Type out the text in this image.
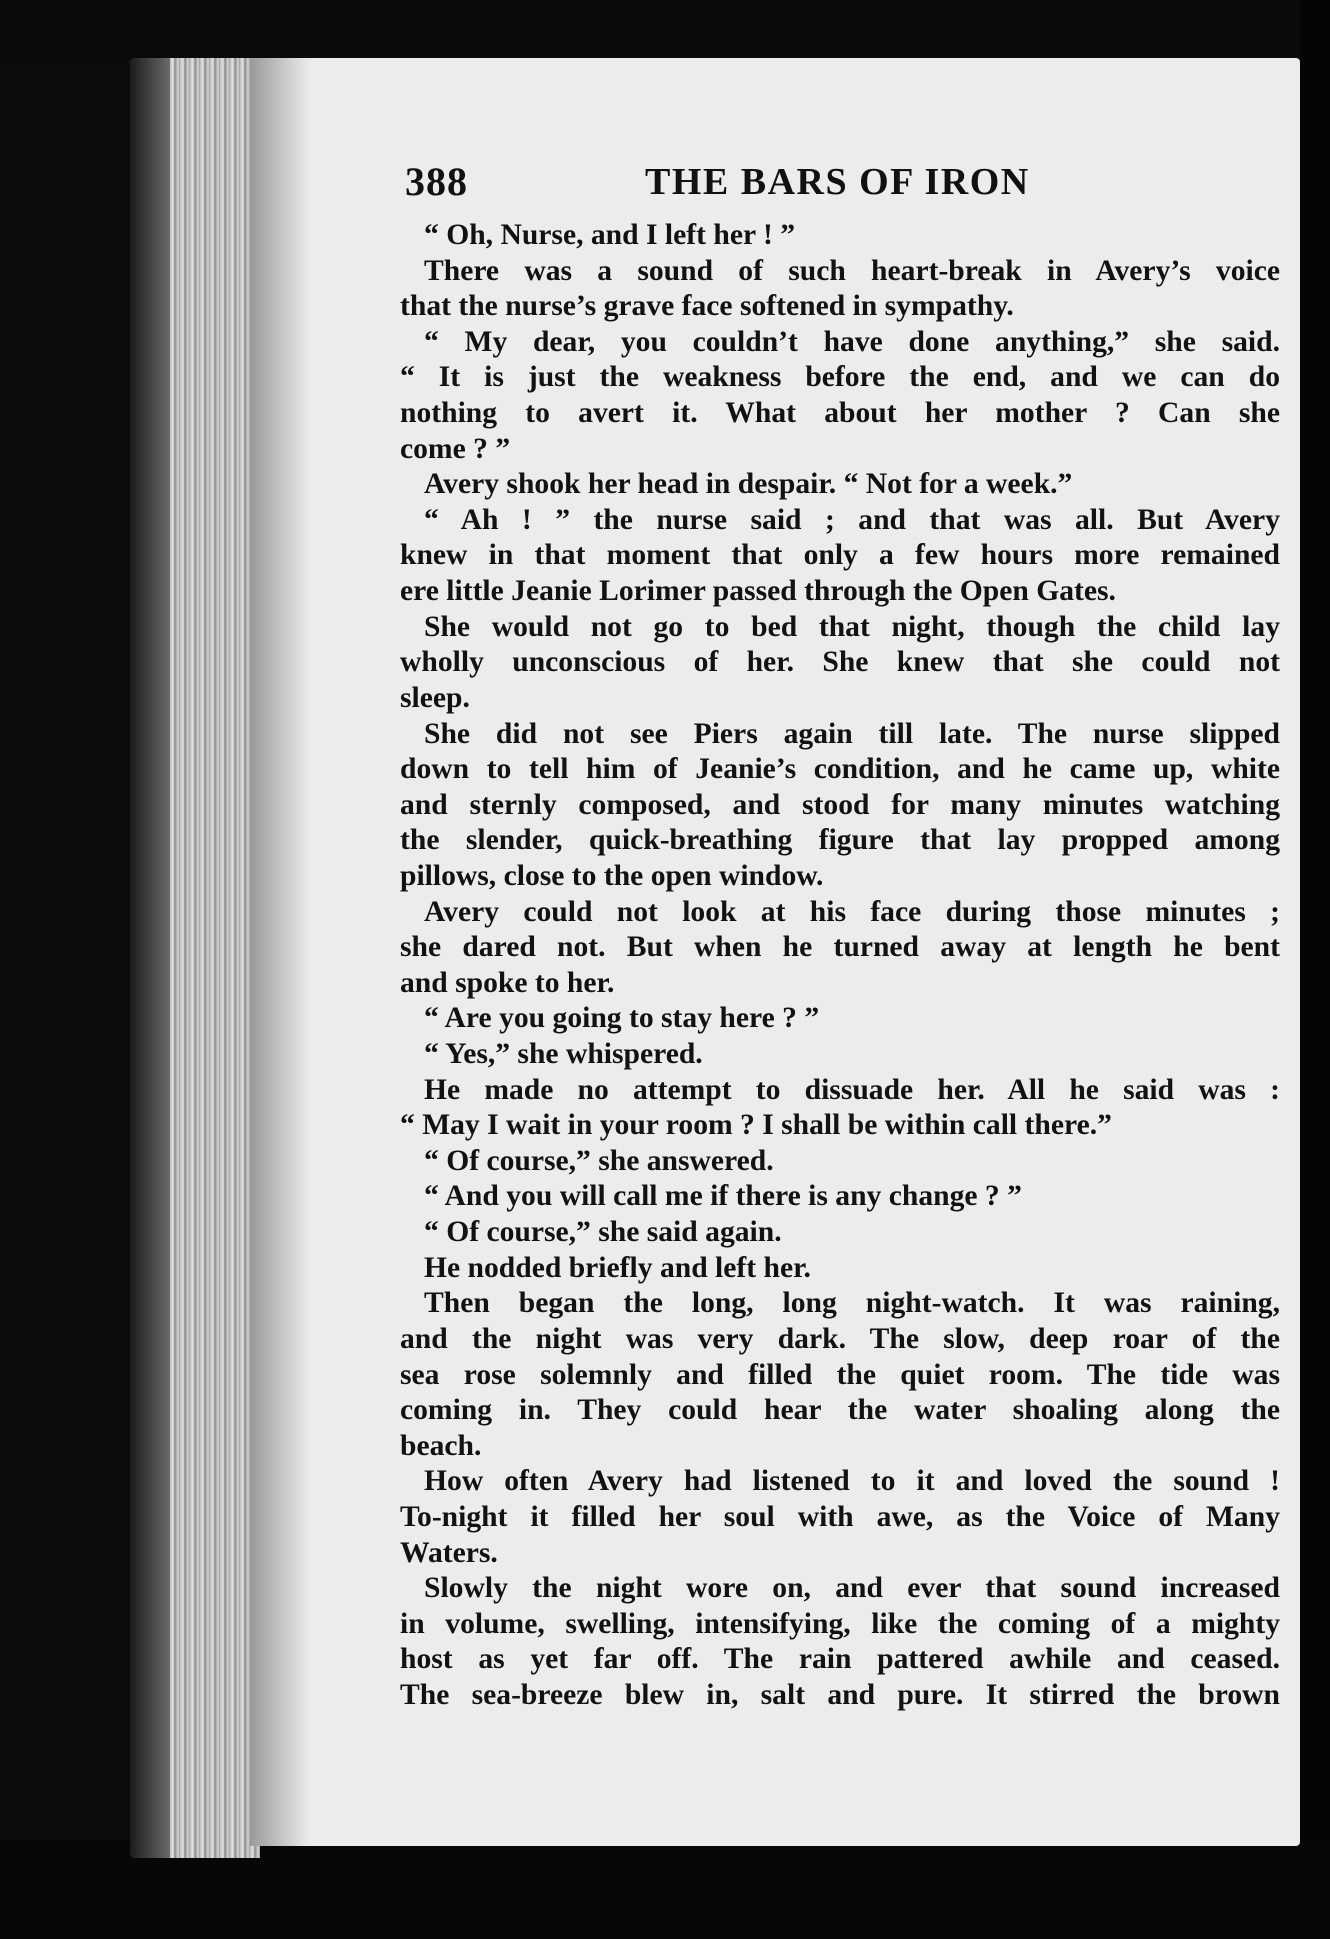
388	THE BARS OF IRON
“ Oh, Nurse, and I left her ! ”
There was a sound of such heart-break in Avery’s voice
that the nurse’s grave face softened in sympathy.
“ My dear, you couldn’t have done anything,” she said.
“ It is just the weakness before the end, and we can do
nothing to avert it. What about her mother ? Can she
come ? ”
Avery shook her head in despair. “ Not for a week.”
“ Ah ! ” the nurse said ; and that was all. But Avery
knew in that moment that only a few hours more remained
ere little Jeanie Lorimer passed through the Open Gates.
She would not go to bed that night, though the child lay
wholly unconscious of her. She knew that she could not
sleep.
She did not see Piers again till late. The nurse slipped
down to tell him of Jeanie’s condition, and he came up, white
and sternly composed, and stood for many minutes watching
the slender, quick-breathing figure that lay propped among
pillows, close to the open window.
Avery could not look at his face during those minutes ;
she dared not. But when he turned away at length he bent
and spoke to her.
“ Are you going to stay here ? ”
“ Yes,” she whispered.
He made no attempt to dissuade her. All he said was :
“ May I wait in your room ? I shall be within call there.”
“ Of course,” she answered.
“ And you will call me if there is any change ? ”
“ Of course,” she said again.
He nodded briefly and left her.
Then began the long, long night-watch. It was raining,
and the night was very dark. The slow, deep roar of the
sea rose solemnly and filled the quiet room. The tide was
coming in. They could hear the water shoaling along the
beach.
How often Avery had listened to it and loved the sound !
To-night it filled her soul with awe, as the Voice of Many
Waters.
Slowly the night wore on, and ever that sound increased
in volume, swelling, intensifying, like the coming of a mighty
host as yet far off. The rain pattered awhile and ceased.
The sea-breeze blew in, salt and pure. It stirred the brown
